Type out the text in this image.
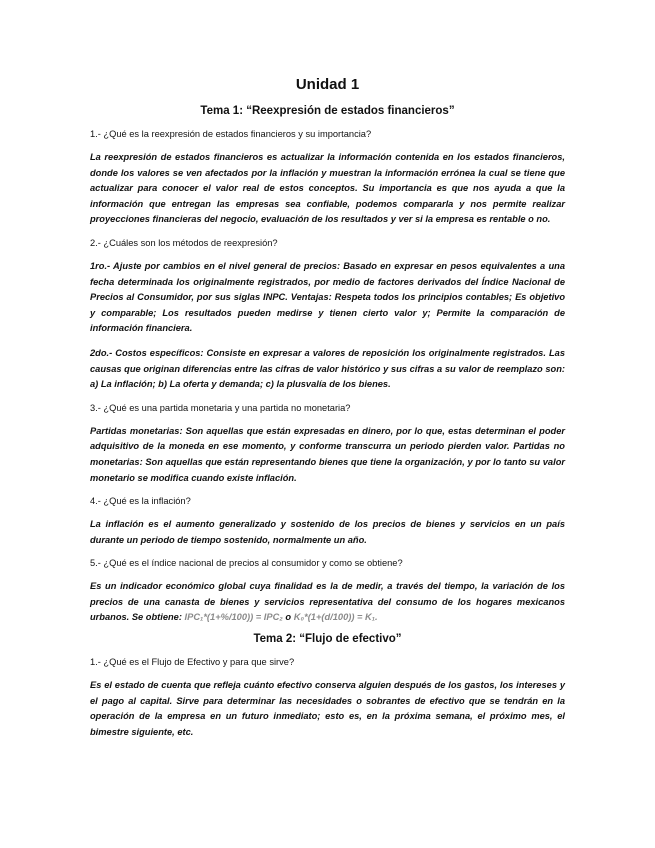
Unidad 1
Tema 1: “Reexpresión de estados financieros”

1.- ¿Qué es la reexpresión de estados financieros y su importancia?

La reexpresión de estados financieros es actualizar la información contenida en los estados financieros, donde los valores se ven afectados por la inflación y muestran la información errónea la cual se tiene que actualizar para conocer el valor real de estos conceptos. Su importancia es que nos ayuda a que la información que entregan las empresas sea confiable, podemos compararla y nos permite realizar proyecciones financieras del negocio, evaluación de los resultados y ver si la empresa es rentable o no.

2.- ¿Cuáles son los métodos de reexpresión?

1ro.- Ajuste por cambios en el nivel general de precios: Basado en expresar en pesos equivalentes a una fecha determinada los originalmente registrados, por medio de factores derivados del Índice Nacional de Precios al Consumidor, por sus siglas INPC. Ventajas: Respeta todos los principios contables; Es objetivo y comparable; Los resultados pueden medirse y tienen cierto valor y; Permite la comparación de información financiera.

2do.- Costos específicos: Consiste en expresar a valores de reposición los originalmente registrados. Las causas que originan diferencias entre las cifras de valor histórico y sus cifras a su valor de reemplazo son: a) La inflación; b) La oferta y demanda; c) la plusvalía de los bienes.

3.- ¿Qué es una partida monetaria y una partida no monetaria?

Partidas monetarias: Son aquellas que están expresadas en dinero, por lo que, estas determinan el poder adquisitivo de la moneda en ese momento, y conforme transcurra un periodo pierden valor. Partidas no monetarias: Son aquellas que están representando bienes que tiene la organización, y por lo tanto su valor monetario se modifica cuando existe inflación.

4.- ¿Qué es la inflación?

La inflación es el aumento generalizado y sostenido de los precios de bienes y servicios en un país durante un periodo de tiempo sostenido, normalmente un año.

5.- ¿Qué es el índice nacional de precios al consumidor y como se obtiene?

Es un indicador económico global cuya finalidad es la de medir, a través del tiempo, la variación de los precios de una canasta de bienes y servicios representativa del consumo de los hogares mexicanos urbanos. Se obtiene: IPC₁*(1+%/100)) = IPC₂ o K₀*(1+(d/100)) = K₁.

Tema 2: “Flujo de efectivo”

1.- ¿Qué es el Flujo de Efectivo y para que sirve?

Es el estado de cuenta que refleja cuánto efectivo conserva alguien después de los gastos, los intereses y el pago al capital. Sirve para determinar las necesidades o sobrantes de efectivo que se tendrán en la operación de la empresa en un futuro inmediato; esto es, en la próxima semana, el próximo mes, el bimestre siguiente, etc.
